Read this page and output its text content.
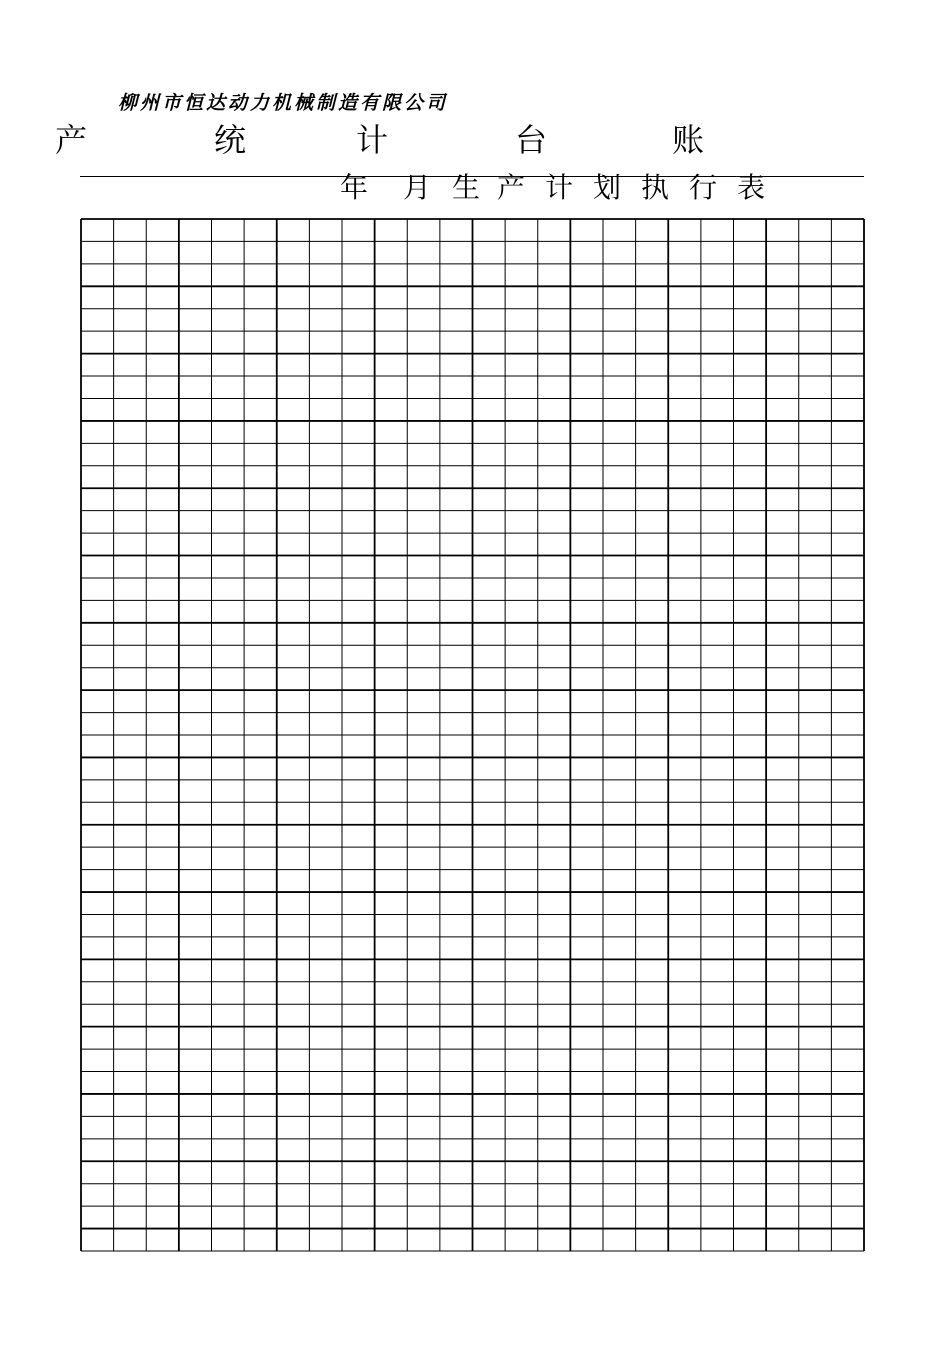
柳州市恒达动力机械制造有限公司
产	统	计	台	账
年 月 生 产 计 划 执 行 表
